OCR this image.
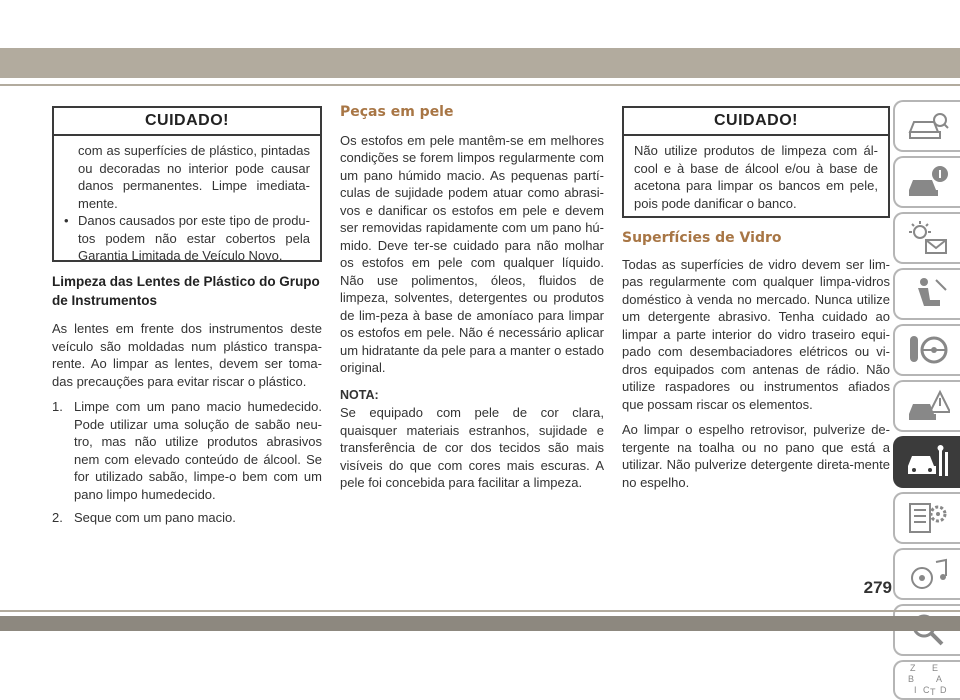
CUIDADO!

com as superfícies de plástico, pintadas ou decoradas no interior pode causar danos permanentes. Limpe imediata-mente.

• Danos causados por este tipo de produ-tos podem não estar cobertos pela Garantia Limitada de Veículo Novo.

Limpeza das Lentes de Plástico do Grupo de Instrumentos

As lentes em frente dos instrumentos deste veículo são moldadas num plástico transpa-rente. Ao limpar as lentes, devem ser toma-das precauções para evitar riscar o plástico.

1. Limpe com um pano macio humedecido. Pode utilizar uma solução de sabão neu-tro, mas não utilize produtos abrasivos nem com elevado conteúdo de álcool. Se for utilizado sabão, limpe-o bem com um pano limpo humedecido.

2. Seque com um pano macio.

Peças em pele

Os estofos em pele mantêm-se em melhores condições se forem limpos regularmente com um pano húmido macio. As pequenas partí-culas de sujidade podem atuar como abrasi-vos e danificar os estofos em pele e devem ser removidas rapidamente com um pano hú-mido. Deve ter-se cuidado para não molhar os estofos em pele com qualquer líquido. Não use polimentos, óleos, fluidos de limpeza, solventes, detergentes ou produtos de lim-peza à base de amoníaco para limpar os estofos em pele. Não é necessário aplicar um hidratante da pele para a manter o estado original.

NOTA:

Se equipado com pele de cor clara, quaisquer materiais estranhos, sujidade e transferência de cor dos tecidos são mais visíveis do que com cores mais escuras. A pele foi concebida para facilitar a limpeza.

CUIDADO!
Não utilize produtos de limpeza com ál-cool e à base de álcool e/ou à base de acetona para limpar os bancos em pele, pois pode danificar o banco.
Superfícies de Vidro

Todas as superfícies de vidro devem ser lim-pas regularmente com qualquer limpa-vidros doméstico à venda no mercado. Nunca utilize um detergente abrasivo. Tenha cuidado ao limpar a parte interior do vidro traseiro equi-pado com desembaciadores elétricos ou vi-dros equipados com antenas de rádio. Não utilize raspadores ou instrumentos afiados que possam riscar os elementos.

Ao limpar o espelho retrovisor, pulverize de-tergente na toalha ou no pano que está a utilizar. Não pulverize detergente direta-mente no espelho.

Z E
B A
I C T D
279
